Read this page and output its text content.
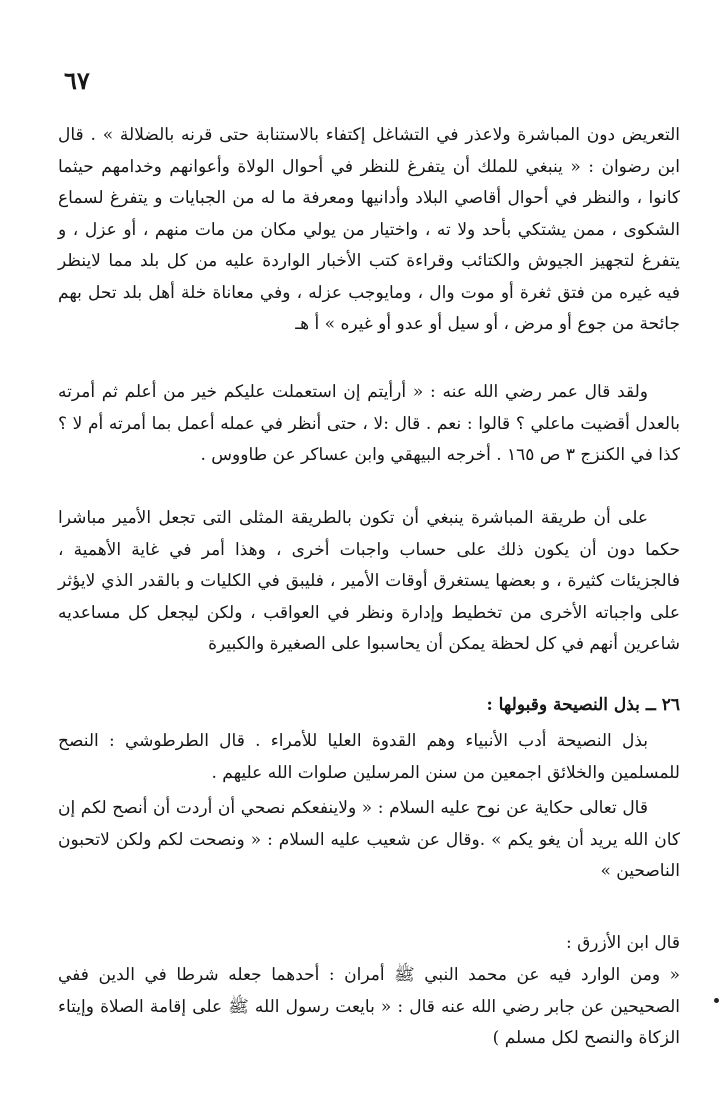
٦٧

التعريض دون المباشرة ولاعذر في التشاغل إكتفاء بالاستنابة حتى قرنه بالضلالة » . قال ابن رضوان : « ينبغي للملك أن يتفرغ للنظر في أحوال الولاة وأعوانهم وخدامهم حيثما كانوا ، والنظر في أحوال أقاصي البلاد وأدانيها ومعرفة ما له من الجبايات و يتفرغ لسماع الشكوى ، ممن يشتكي بأحد ولا ته ، واختيار من يولي مكان من مات منهم ، أو عزل ، و يتفرغ لتجهيز الجيوش والكتائب وقراءة كتب الأخبار الواردة عليه من كل بلد مما لاينظر فيه غيره من فتق ثغرة أو موت وال ، ومايوجب عزله ، وفي معاناة خلة أهل بلد تحل بهم جائحة من جوع أو مرض ، أو سيل أو عدو أو غيره » أ هـ

ولقد قال عمر رضي الله عنه : « أرأيتم إن استعملت عليكم خير من أعلم ثم أمرته بالعدل أقضيت ماعلي ؟ قالوا : نعم . قال :لا ، حتى أنظر في عمله أعمل بما أمرته أم لا ؟ كذا في الكنزج ٣ ص ١٦٥ . أخرجه البيهقي وابن عساكر عن طاووس .

على أن طريقة المباشرة ينبغي أن تكون بالطريقة المثلى التى تجعل الأمير مباشرا حكما دون أن يكون ذلك على حساب واجبات أخرى ، وهذا أمر في غاية الأهمية ، فالجزيئات كثيرة ، و بعضها يستغرق أوقات الأمير ، فليبق في الكليات و بالقدر الذي لايؤثر على واجباته الأخرى من تخطيط وإدارة ونظر في العواقب ، ولكن ليجعل كل مساعديه شاعرين أنهم في كل لحظة يمكن أن يحاسبوا على الصغيرة والكبيرة

٢٦ ــ بذل النصيحة وقبولها :

بذل النصيحة أدب الأنبياء وهم القدوة العليا للأمراء . قال الطرطوشي : النصح للمسلمين والخلائق اجمعين من سنن المرسلين صلوات الله عليهم .

قال تعالى حكاية عن نوح عليه السلام : « ولاينفعكم نصحي أن أردت أن أنصح لكم إن كان الله يريد أن يغو يكم » .وقال عن شعيب عليه السلام : « ونصحت لكم ولكن لاتحبون الناصحين »

قال ابن الأزرق :

« ومن الوارد فيه عن محمد النبي ﷺ أمران : أحدهما جعله شرطا في الدين ففي الصحيحين عن جابر رضي الله عنه قال : « بايعت رسول الله ﷺ على إقامة الصلاة وإيتاء الزكاة والنصح لكل مسلم )
